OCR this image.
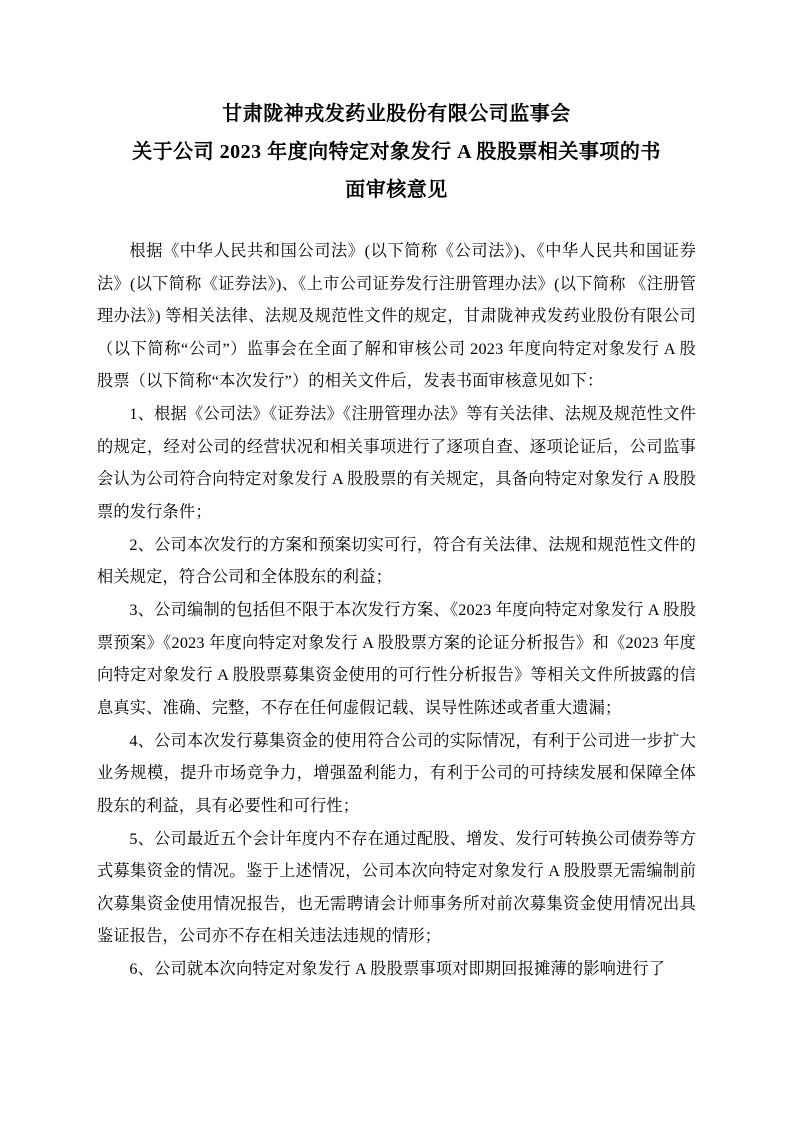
甘肃陇神戎发药业股份有限公司监事会
关于公司 2023 年度向特定对象发行 A 股股票相关事项的书
面审核意见

根据《中华人民共和国公司法》(以下简称《公司法》)、《中华人民共和国证券法》(以下简称《证券法》)、《上市公司证券发行注册管理办法》(以下简称 《注册管理办法》) 等相关法律、法规及规范性文件的规定，甘肃陇神戎发药业股份有限公司（以下简称“公司”）监事会在全面了解和审核公司 2023 年度向特定对象发行 A 股股票（以下简称“本次发行”）的相关文件后，发表书面审核意见如下：

1、根据《公司法》《证券法》《注册管理办法》等有关法律、法规及规范性文件的规定，经对公司的经营状况和相关事项进行了逐项自查、逐项论证后，公司监事会认为公司符合向特定对象发行 A 股股票的有关规定，具备向特定对象发行 A 股股票的发行条件；

2、公司本次发行的方案和预案切实可行，符合有关法律、法规和规范性文件的相关规定，符合公司和全体股东的利益；

3、公司编制的包括但不限于本次发行方案、《2023 年度向特定对象发行 A 股股票预案》《2023 年度向特定对象发行 A 股股票方案的论证分析报告》和《2023 年度向特定对象发行 A 股股票募集资金使用的可行性分析报告》等相关文件所披露的信息真实、准确、完整，不存在任何虚假记载、误导性陈述或者重大遗漏；

4、公司本次发行募集资金的使用符合公司的实际情况，有利于公司进一步扩大业务规模，提升市场竞争力，增强盈利能力，有利于公司的可持续发展和保障全体股东的利益，具有必要性和可行性；

5、公司最近五个会计年度内不存在通过配股、增发、发行可转换公司债券等方式募集资金的情况。鉴于上述情况，公司本次向特定对象发行 A 股股票无需编制前次募集资金使用情况报告，也无需聘请会计师事务所对前次募集资金使用情况出具鉴证报告，公司亦不存在相关违法违规的情形；

6、公司就本次向特定对象发行 A 股股票事项对即期回报摊薄的影响进行了
